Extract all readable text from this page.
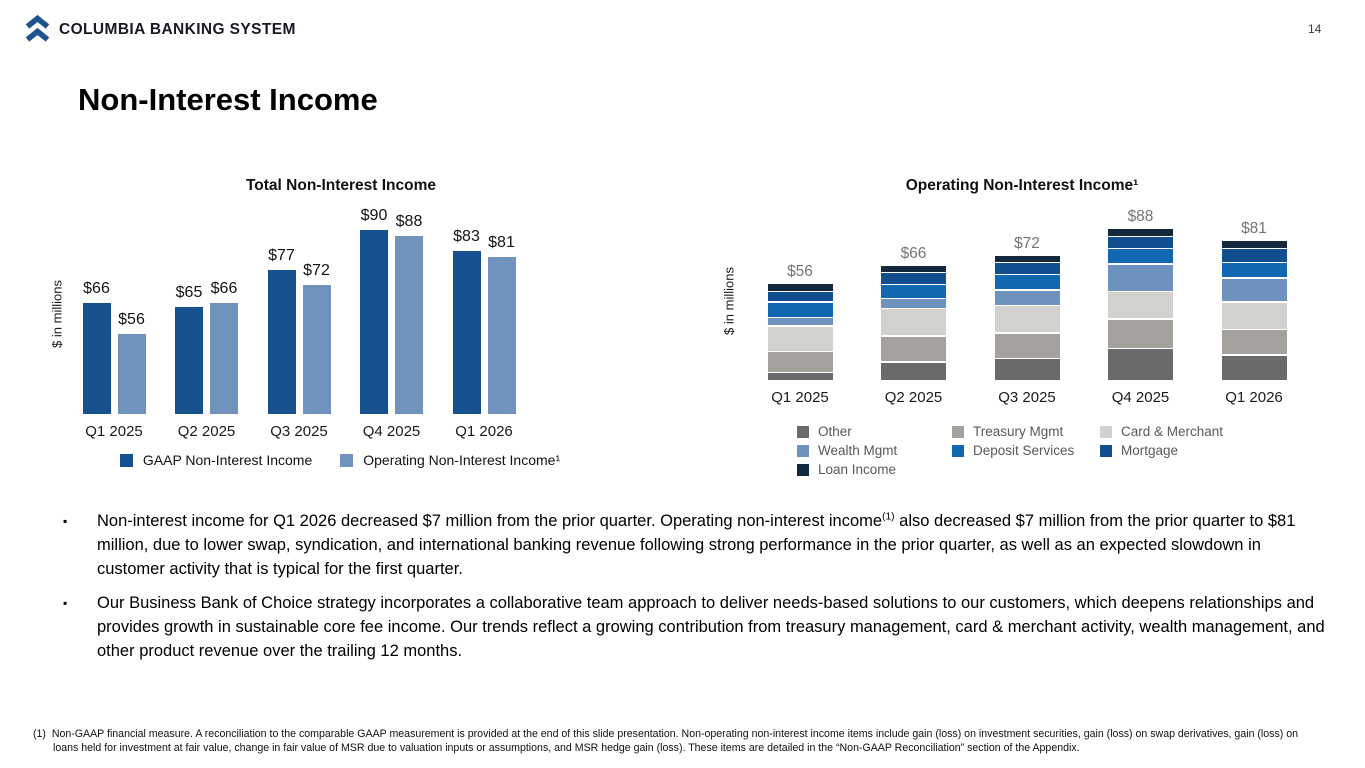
COLUMBIA BANKING SYSTEM	14
Non-Interest Income
Total Non-Interest Income
$ in millions $66
$56
Q1 2025
$65 $66
Q2 2025
$77
$72
Q3 2025
$90 $88
Q4 2025
$83 $81
Q1 2026
GAAP Non-Interest Income	Operating Non-Interest Income¹
Operating Non-Interest Income¹
$ in millions	$56
Q1 2025
$66
Q2 2025
$72
Q3 2025
$88
Q4 2025
$81
Q1 2026
Other
Wealth Mgmt
Loan Income
Treasury Mgmt
Deposit Services
Card & Merchant
Mortgage
▪	Non-interest income for Q1 2026 decreased $7 million from the prior quarter. Operating non-interest income$^{(1)}$ also decreased $7 million from the prior quarter to $81 million, due to lower swap, syndication, and international banking revenue following strong performance in the prior quarter, as well as an expected slowdown in customer activity that is typical for the first quarter.

▪	Our Business Bank of Choice strategy incorporates a collaborative team approach to deliver needs-based solutions to our customers, which deepens relationships and provides growth in sustainable core fee income. Our trends reflect a growing contribution from treasury management, card & merchant activity, wealth management, and other product revenue over the trailing 12 months.

(1) Non-GAAP financial measure. A reconciliation to the comparable GAAP measurement is provided at the end of this slide presentation. Non-operating non-interest income items include gain (loss) on investment securities, gain (loss) on swap derivatives, gain (loss) on loans held for investment at fair value, change in fair value of MSR due to valuation inputs or assumptions, and MSR hedge gain (loss). These items are detailed in the “Non-GAAP Reconciliation” section of the Appendix.
